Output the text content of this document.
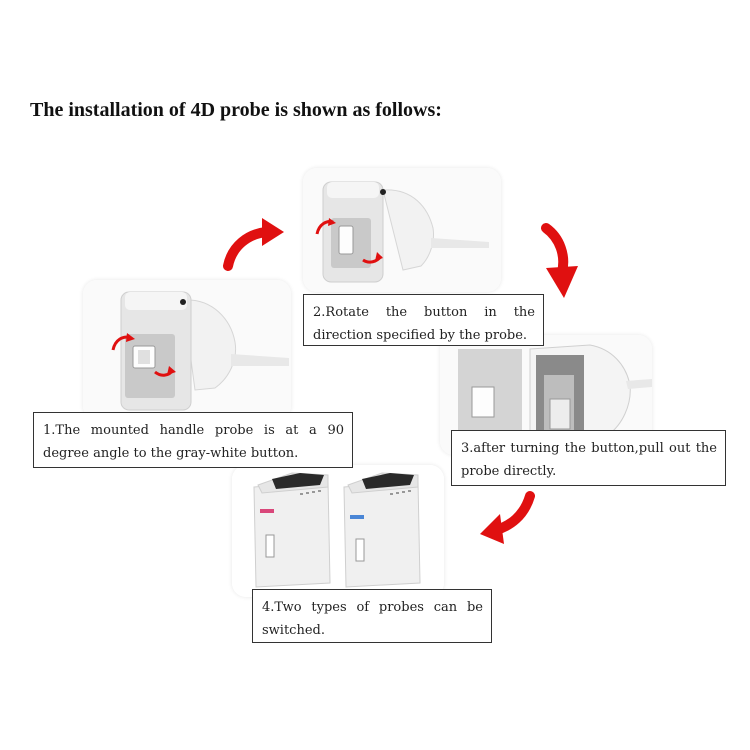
The installation of 4D probe is shown as follows:
2.Rotate the button in the direction specified by the probe.
1.The mounted handle probe is at a 90 degree angle to the gray-white button.	3.after turning the button,pull out the probe directly.
4.Two types of probes can be switched.
